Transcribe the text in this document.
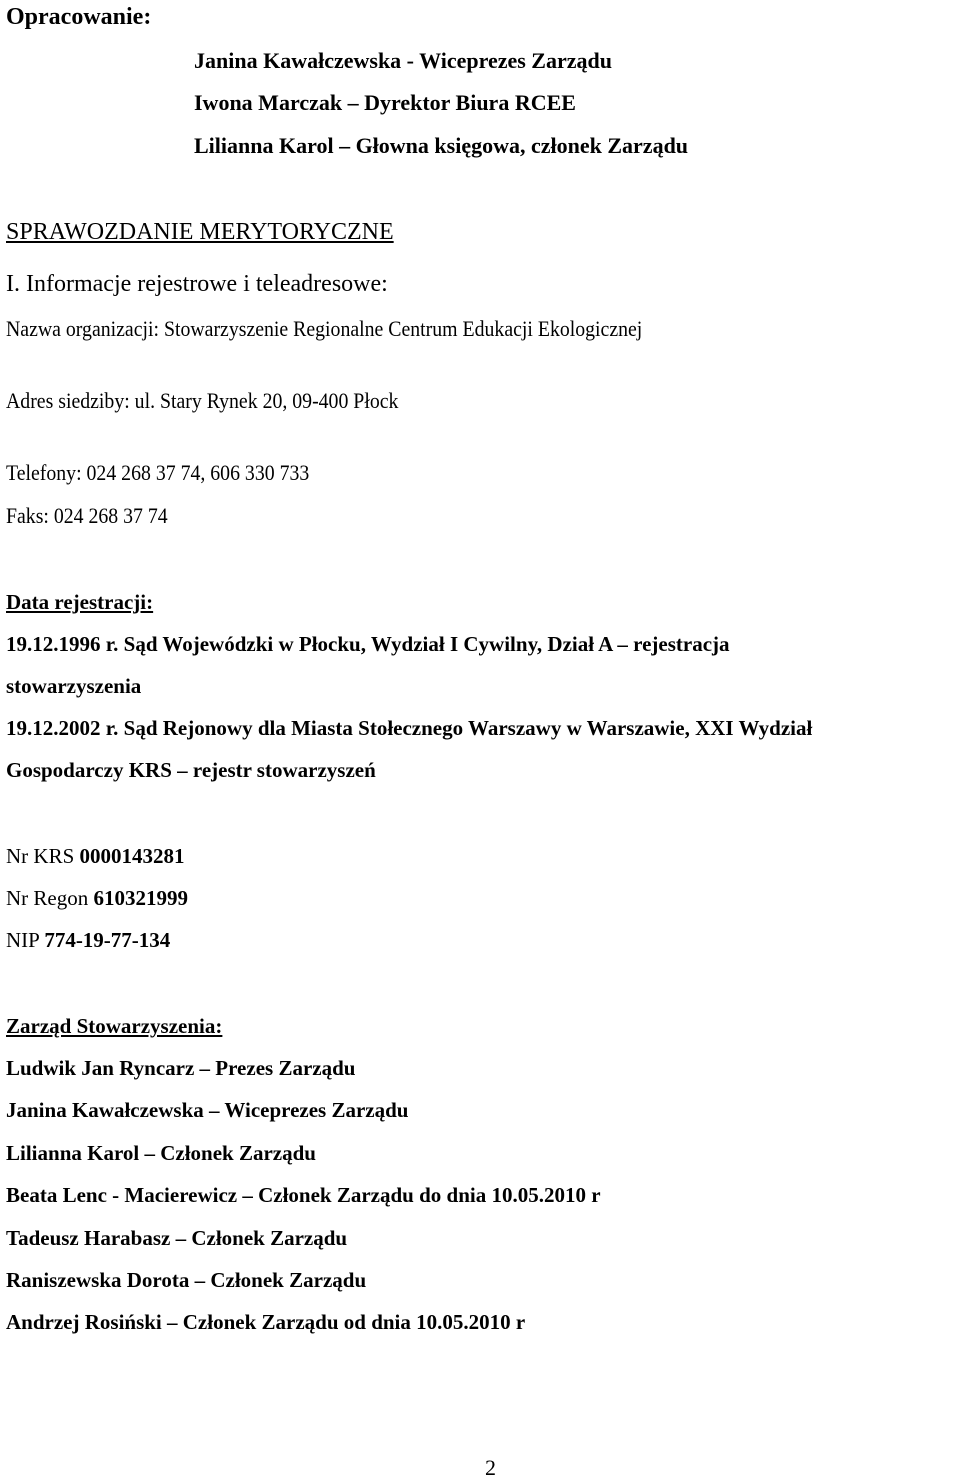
Opracowanie:
Janina Kawałczewska - Wiceprezes Zarządu
Iwona Marczak – Dyrektor Biura RCEE
Lilianna Karol – Głowna księgowa, członek Zarządu
SPRAWOZDANIE MERYTORYCZNE
I. Informacje rejestrowe i teleadresowe:
Nazwa organizacji: Stowarzyszenie Regionalne Centrum Edukacji Ekologicznej
Adres siedziby: ul. Stary Rynek 20, 09-400 Płock
Telefony: 024 268 37 74, 606 330 733
Faks: 024 268 37 74
Data rejestracji:
19.12.1996 r. Sąd Wojewódzki w Płocku, Wydział I Cywilny, Dział A – rejestracja
stowarzyszenia
19.12.2002 r. Sąd Rejonowy dla Miasta Stołecznego Warszawy w Warszawie, XXI Wydział
Gospodarczy KRS – rejestr stowarzyszeń
Nr KRS 0000143281
Nr Regon 610321999
NIP 774-19-77-134
Zarząd Stowarzyszenia:
Ludwik Jan Ryncarz – Prezes Zarządu
Janina Kawałczewska – Wiceprezes Zarządu
Lilianna Karol – Członek Zarządu
Beata Lenc - Macierewicz – Członek Zarządu do dnia 10.05.2010 r
Tadeusz Harabasz – Członek Zarządu
Raniszewska Dorota – Członek Zarządu
Andrzej Rosiński – Członek Zarządu od dnia 10.05.2010 r
2
